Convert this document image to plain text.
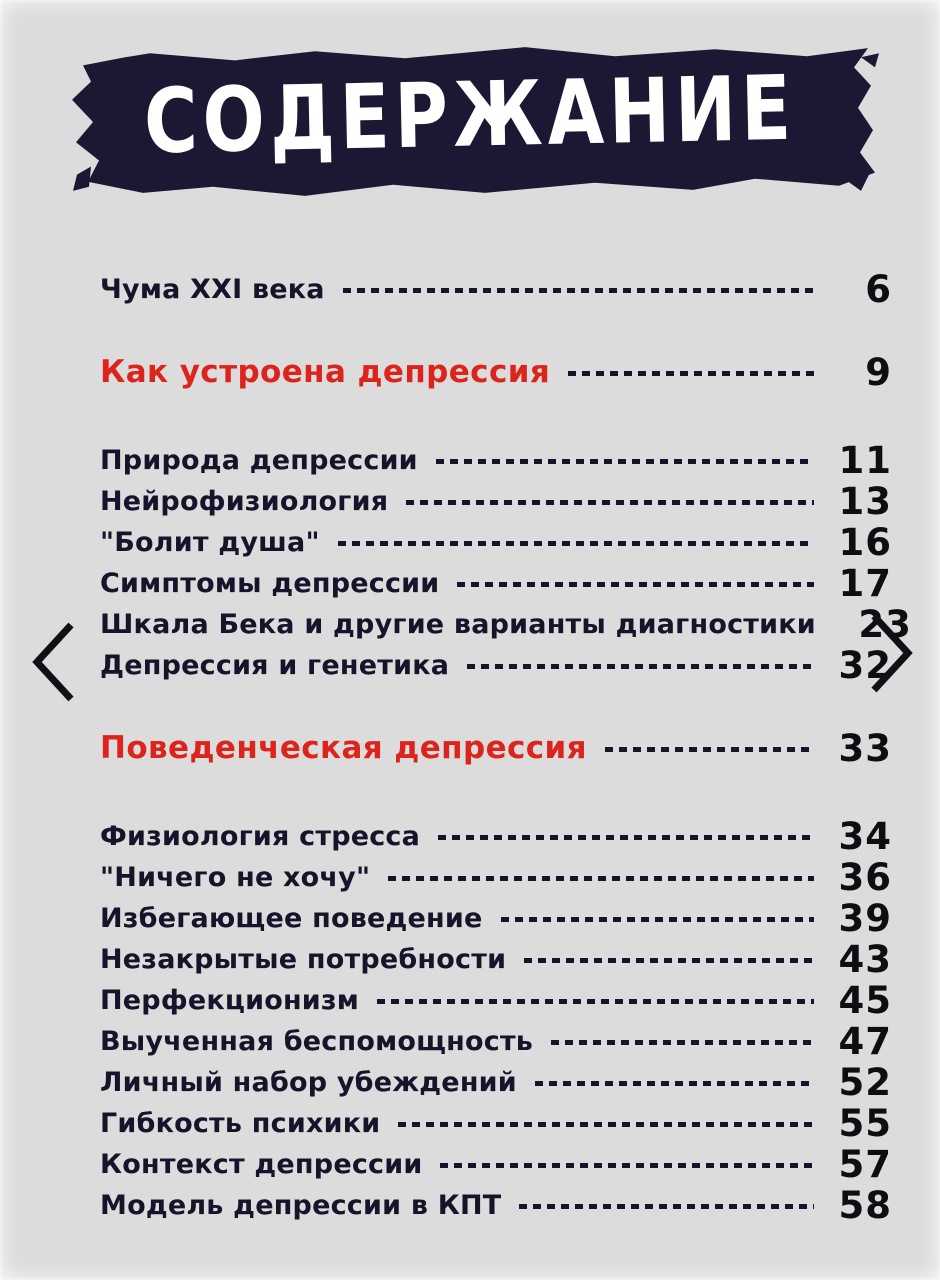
СОДЕРЖАНИЕ
Чума XXI века	6
Как устроена депрессия	9
Природа депрессии	11
Нейрофизиология	13
"Болит душа"	16
Симптомы депрессии	17
Шкала Бека и другие варианты диагностики 23
Депрессия и генетика	32
Поведенческая депрессия	33
Физиология стресса	34
"Ничего не хочу"	36
Избегающее поведение	39
Незакрытые потребности	43
Перфекционизм	45
Выученная беспомощность	47
Личный набор убеждений	52
Гибкость психики	55
Контекст депрессии	57
Модель депрессии в КПТ	58
